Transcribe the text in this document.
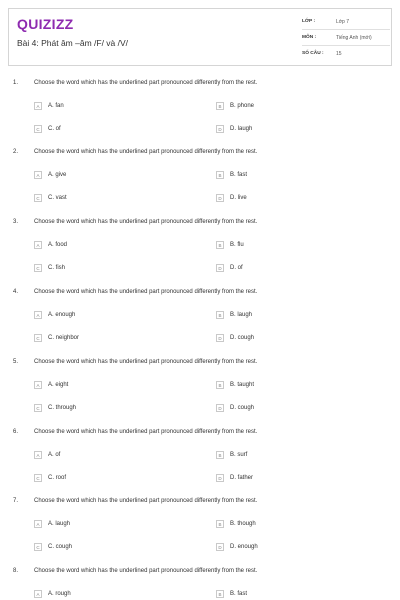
QUIZIZZ
Bài 4: Phát âm –âm /F/ và /V/
LỚP :	Lớp 7
MÔN :	Tiếng Anh (mới)
SỐ CÂU :	15
1.	Choose the word which has the underlined part pronounced differently from the rest.
A	A. fan	B	B. phone
C	C. of	D	D. laugh
2.	Choose the word which has the underlined part pronounced differently from the rest.
A	A. give	B	B. fast
C	C. vast	D	D. live
3.	Choose the word which has the underlined part pronounced differently from the rest.
A	A. food	B	B. flu
C	C. fish	D	D. of
4.	Choose the word which has the underlined part pronounced differently from the rest.
A	A. enough	B	B. laugh
C	C. neighbor	D	D. cough
5.	Choose the word which has the underlined part pronounced differently from the rest.
A	A. eight	B	B. taught
C	C. through	D	D. cough
6.	Choose the word which has the underlined part pronounced differently from the rest.
A	A. of	B	B. surf
C	C. roof	D	D. father
7.	Choose the word which has the underlined part pronounced differently from the rest.
A	A. laugh	B	B. though
C	C. cough	D	D. enough
8.	Choose the word which has the underlined part pronounced differently from the rest.
A	A. rough	B	B. fast
